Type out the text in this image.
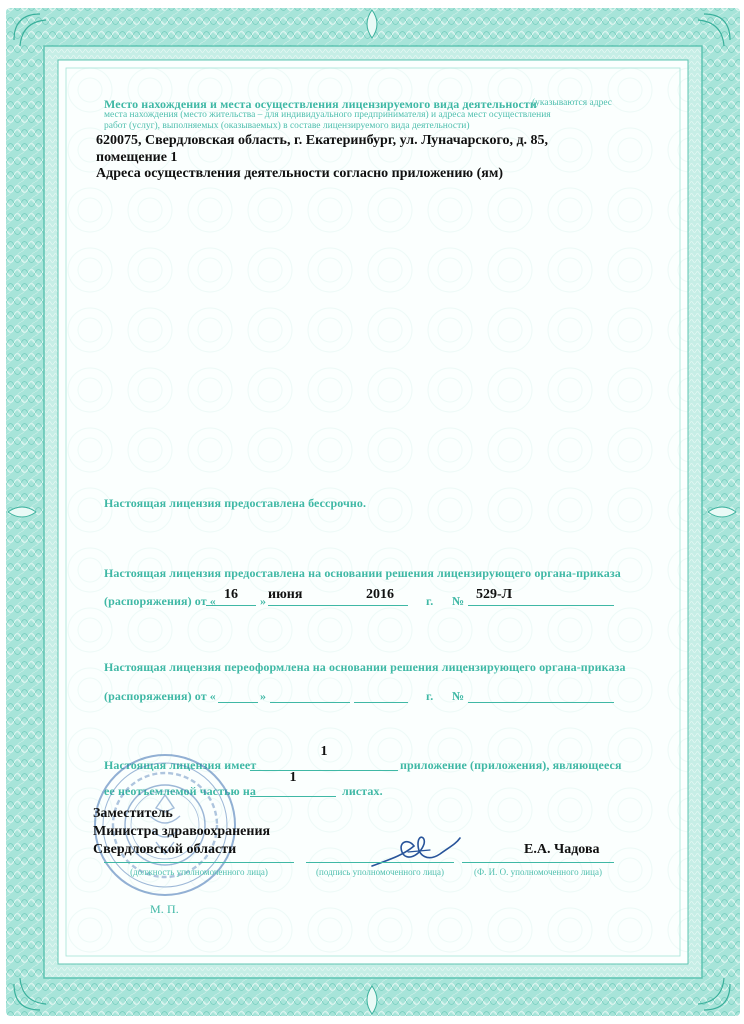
Место нахождения и места осуществления лицензируемого вида деятельности
(указываются адрес
места нахождения (место жительства – для индивидуального предпринимателя) и адреса мест осуществления
работ (услуг), выполняемых (оказываемых) в составе лицензируемого вида деятельности)
620075, Свердловская область, г. Екатеринбург, ул. Луначарского, д. 85,
помещение 1
Адреса осуществления деятельности согласно приложению (ям)
Настоящая лицензия предоставлена бессрочно.
Настоящая лицензия предоставлена на основании решения лицензирующего органа-приказа
(распоряжения) от « 16	» июня	2016	г. № 529-Л
Настоящая лицензия переоформлена на основании решения лицензирующего органа-приказа
(распоряжения) от «	»	г. №
Настоящая лицензия имеет
1
приложение (приложения), являющееся
ее неотъемлемой частью на
1
листах.
Заместитель
Министра здравоохранения
Свердловской области
(должность уполномоченного лица)	(подпись уполномоченного лица)
Е.А. Чадова
(Ф. И. О. уполномоченного лица)
М. П.
